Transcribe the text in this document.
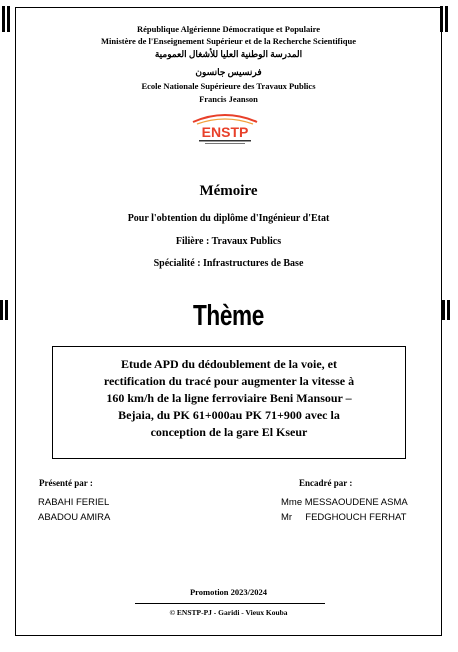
République Algérienne Démocratique et Populaire
Ministère de l'Enseignement Supérieur et de la Recherche Scientifique
المدرسة الوطنية العليا للأشغال العمومية
فرنسيس جانسون
Ecole Nationale Supérieure des Travaux Publics
Francis Jeanson
ENSTP
Mémoire
Pour l'obtention du diplôme d'Ingénieur d'Etat
Filière : Travaux Publics
Spécialité : Infrastructures de Base
Thème
Etude APD du dédoublement de la voie, et
rectification du tracé pour augmenter la vitesse à
160 km/h de la ligne ferroviaire Beni Mansour –
Bejaia, du PK 61+000au PK 71+900 avec la
conception de la gare El Kseur
Présenté par :	Encadré par :
RABAHI FERIEL
ABADOU AMIRA
Mme MESSAOUDENE ASMA
Mr     FEDGHOUCH FERHAT
Promotion 2023/2024
© ENSTP-PJ - Garidi - Vieux Kouba
